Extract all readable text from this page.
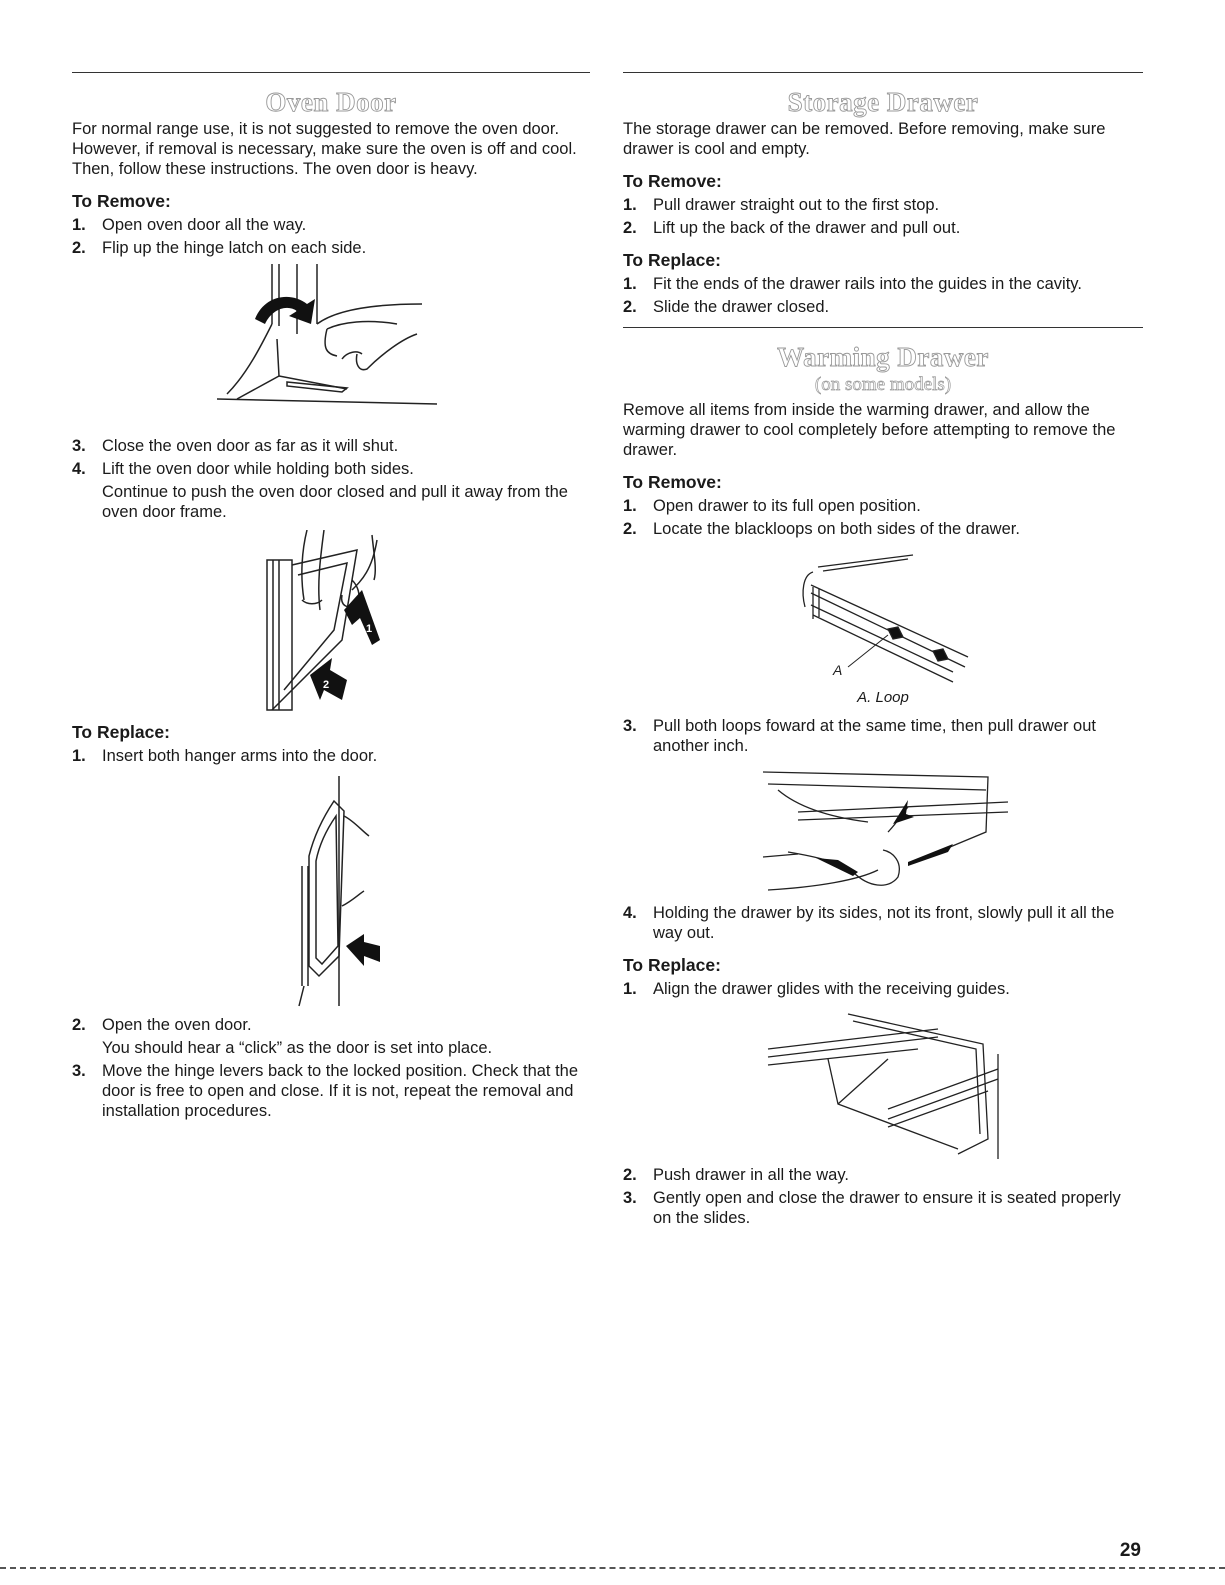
Oven Door

For normal range use, it is not suggested to remove the oven door. However, if removal is necessary, make sure the oven is off and cool. Then, follow these instructions. The oven door is heavy.

To Remove:
1. Open oven door all the way.
2. Flip up the hinge latch on each side.
3. Close the oven door as far as it will shut.
4. Lift the oven door while holding both sides.

Continue to push the oven door closed and pull it away from the oven door frame.

1
2
To Replace:
1. Insert both hanger arms into the door.
2. Open the oven door.

You should hear a “click” as the door is set into place.

3. Move the hinge levers back to the locked position. Check that the door is free to open and close. If it is not, repeat the removal and installation procedures.
Storage Drawer

The storage drawer can be removed. Before removing, make sure drawer is cool and empty.

To Remove:
1. Pull drawer straight out to the first stop.
2. Lift up the back of the drawer and pull out.
To Replace:
1. Fit the ends of the drawer rails into the guides in the cavity.
2. Slide the drawer closed.
Warming Drawer
(on some models)

Remove all items from inside the warming drawer, and allow the warming drawer to cool completely before attempting to remove the drawer.

To Remove:
1. Open drawer to its full open position.
2. Locate the blackloops on both sides of the drawer.
A
A. Loop
3. Pull both loops foward at the same time, then pull drawer out another inch.
4. Holding the drawer by its sides, not its front, slowly pull it all the way out.
To Replace:
1. Align the drawer glides with the receiving guides.
2. Push drawer in all the way.
3. Gently open and close the drawer to ensure it is seated properly on the slides.
29
